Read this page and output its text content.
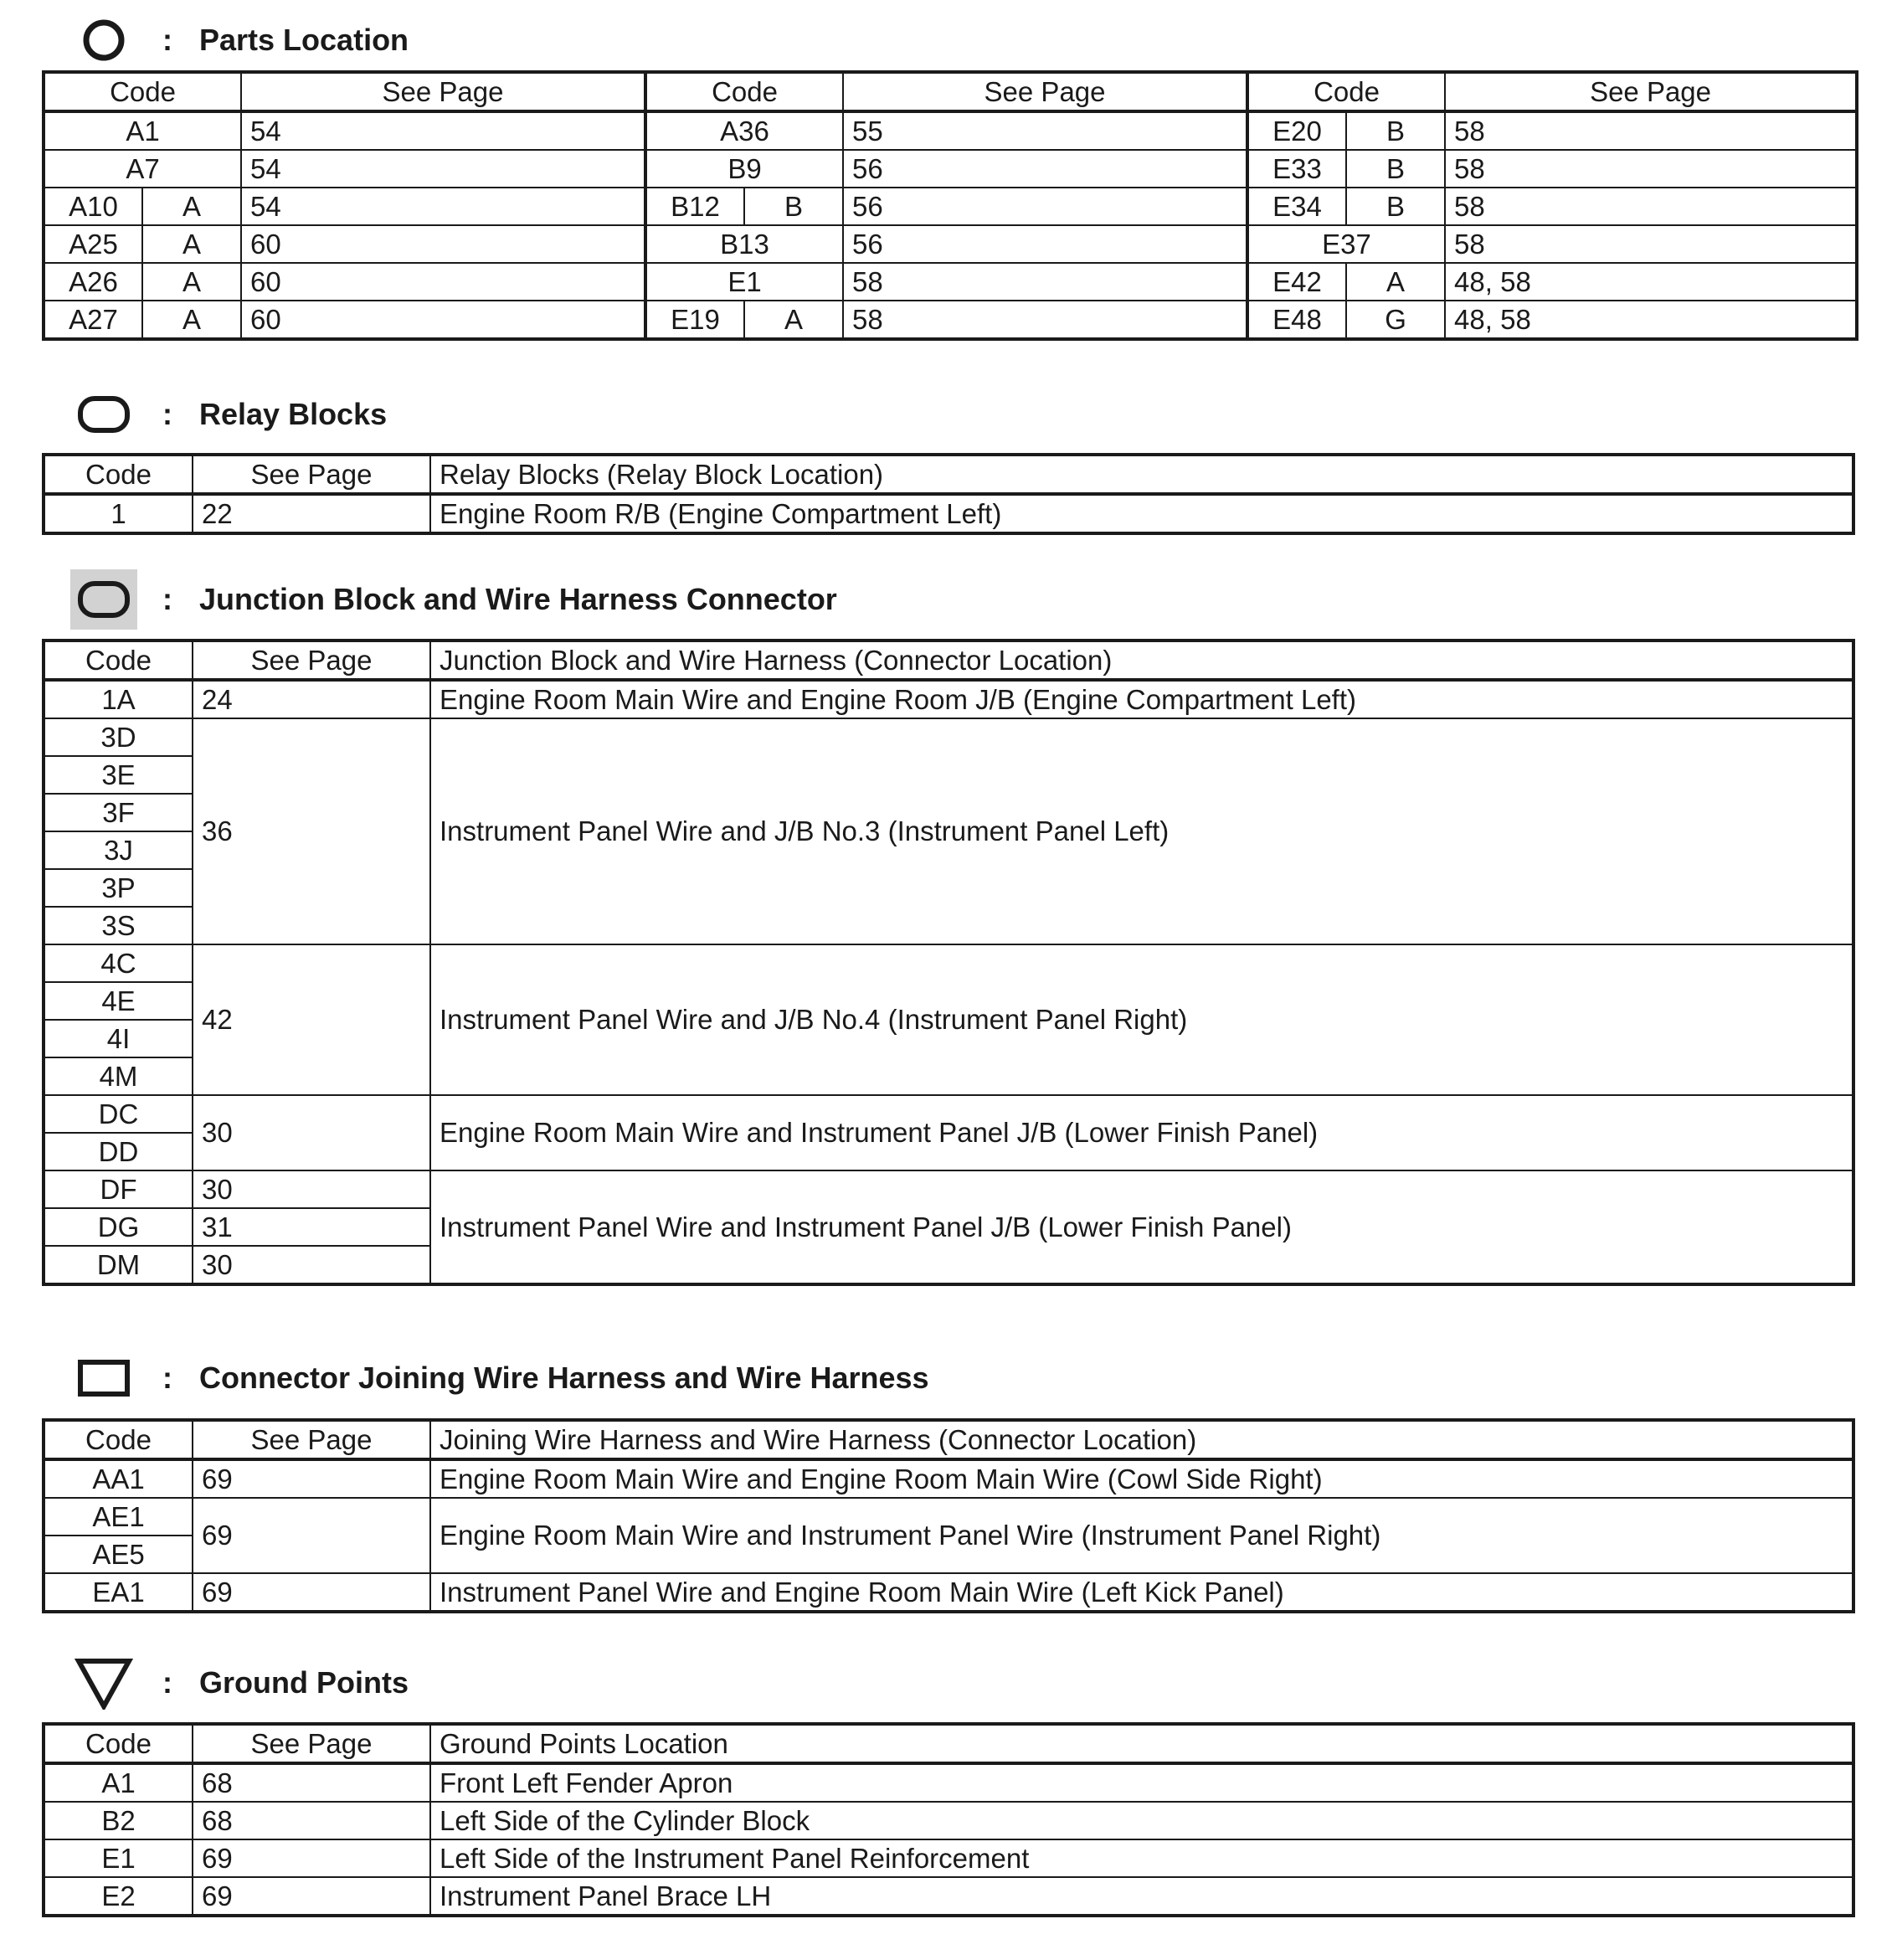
: Parts Location
Code		See Page	Code		See Page	Code		See Page
A1		54	A36		55	E20	B	58
A7		54	B9		56	E33	B	58
A10	A	54	B12	B	56	E34	B	58
A25	A	60	B13		56	E37		58
A26	A	60	E1		58	E42	A	48, 58
A27	A	60	E19	A	58	E48	G	48, 58
: Relay Blocks
Code	See Page	Relay Blocks (Relay Block Location)
1	22	Engine Room R/B (Engine Compartment Left)
: Junction Block and Wire Harness Connector
Code	See Page	Junction Block and Wire Harness (Connector Location)
1A	24	Engine Room Main Wire and Engine Room J/B (Engine Compartment Left)
3D	36	Instrument Panel Wire and J/B No.3 (Instrument Panel Left)
3E		
3F		
3J		
3P		
3S		
4C	42	Instrument Panel Wire and J/B No.4 (Instrument Panel Right)
4E		
4I		
4M		
DC	30	Engine Room Main Wire and Instrument Panel J/B (Lower Finish Panel)
DD		
DF	30	Instrument Panel Wire and Instrument Panel J/B (Lower Finish Panel)
DG	31	
DM	30	
: Connector Joining Wire Harness and Wire Harness
Code	See Page	Joining Wire Harness and Wire Harness (Connector Location)
AA1	69	Engine Room Main Wire and Engine Room Main Wire (Cowl Side Right)
AE1	69	Engine Room Main Wire and Instrument Panel Wire (Instrument Panel Right)
AE5		
EA1	69	Instrument Panel Wire and Engine Room Main Wire (Left Kick Panel)
: Ground Points
Code	See Page	Ground Points Location
A1	68	Front Left Fender Apron
B2	68	Left Side of the Cylinder Block
E1	69	Left Side of the Instrument Panel Reinforcement
E2	69	Instrument Panel Brace LH
